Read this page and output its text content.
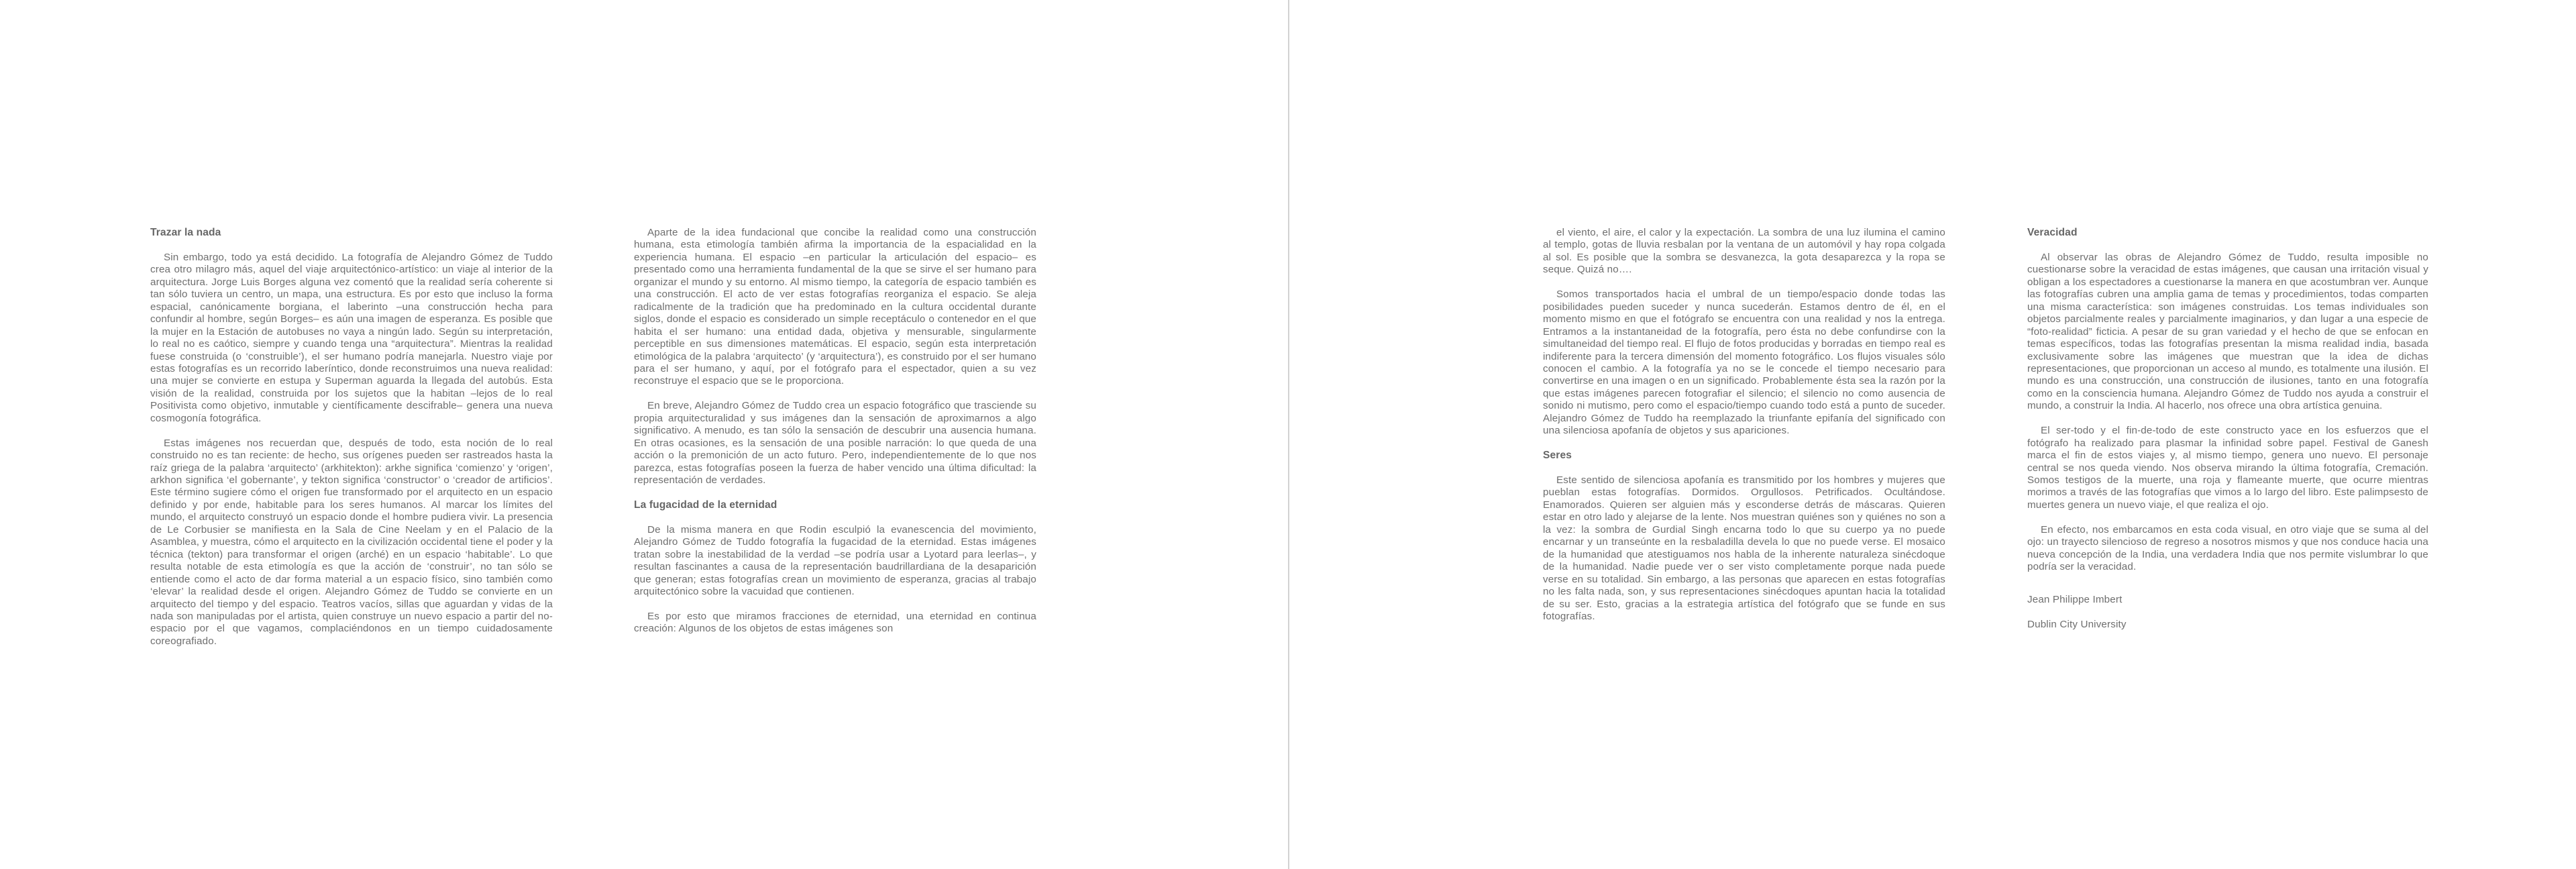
Trazar la nada

Sin embargo, todo ya está decidido. La fotografía de Alejandro Gómez de Tuddo crea otro milagro más, aquel del viaje arquitectónico-artístico: un viaje al interior de la arquitectura. Jorge Luis Borges alguna vez comentó que la realidad sería coherente si tan sólo tuviera un centro, un mapa, una estructura. Es por esto que incluso la forma espacial, canónicamente borgiana, el laberinto –una construcción hecha para confundir al hombre, según Borges– es aún una imagen de esperanza. Es posible que la mujer en la Estación de autobuses no vaya a ningún lado. Según su interpretación, lo real no es caótico, siempre y cuando tenga una “arquitectura”. Mientras la realidad fuese construida (o ‘construible’), el ser humano podría manejarla. Nuestro viaje por estas fotografías es un recorrido laberíntico, donde reconstruimos una nueva realidad: una mujer se convierte en estupa y Superman aguarda la llegada del autobús. Esta visión de la realidad, construida por los sujetos que la habitan –lejos de lo real Positivista como objetivo, inmutable y científicamente descifrable– genera una nueva cosmogonía fotográfica.

Estas imágenes nos recuerdan que, después de todo, esta noción de lo real construido no es tan reciente: de hecho, sus orígenes pueden ser rastreados hasta la raíz griega de la palabra ‘arquitecto’ (arkhitekton): arkhe significa ‘comienzo’ y ‘origen’, arkhon significa ‘el gobernante’, y tekton significa ‘constructor’ o ‘creador de artificios’. Este término sugiere cómo el origen fue transformado por el arquitecto en un espacio definido y por ende, habitable para los seres humanos. Al marcar los límites del mundo, el arquitecto construyó un espacio donde el hombre pudiera vivir. La presencia de Le Corbusier se manifiesta en la Sala de Cine Neelam y en el Palacio de la Asamblea, y muestra, cómo el arquitecto en la civilización occidental tiene el poder y la técnica (tekton) para transformar el origen (arché) en un espacio ‘habitable’. Lo que resulta notable de esta etimología es que la acción de ‘construir’, no tan sólo se entiende como el acto de dar forma material a un espacio físico, sino también como ‘elevar’ la realidad desde el origen. Alejandro Gómez de Tuddo se convierte en un arquitecto del tiempo y del espacio. Teatros vacíos, sillas que aguardan y vidas de la nada son manipuladas por el artista, quien construye un nuevo espacio a partir del no-espacio por el que vagamos, complaciéndonos en un tiempo cuidadosamente coreografiado.

Aparte de la idea fundacional que concibe la realidad como una construcción humana, esta etimología también afirma la importancia de la espacialidad en la experiencia humana. El espacio –en particular la articulación del espacio– es presentado como una herramienta fundamental de la que se sirve el ser humano para organizar el mundo y su entorno. Al mismo tiempo, la categoría de espacio también es una construcción. El acto de ver estas fotografías reorganiza el espacio. Se aleja radicalmente de la tradición que ha predominado en la cultura occidental durante siglos, donde el espacio es considerado un simple receptáculo o contenedor en el que habita el ser humano: una entidad dada, objetiva y mensurable, singularmente perceptible en sus dimensiones matemáticas. El espacio, según esta interpretación etimológica de la palabra ‘arquitecto’ (y ‘arquitectura’), es construido por el ser humano para el ser humano, y aquí, por el fotógrafo para el espectador, quien a su vez reconstruye el espacio que se le proporciona.

En breve, Alejandro Gómez de Tuddo crea un espacio fotográfico que trasciende su propia arquitecturalidad y sus imágenes dan la sensación de aproximarnos a algo significativo. A menudo, es tan sólo la sensación de descubrir una ausencia humana. En otras ocasiones, es la sensación de una posible narración: lo que queda de una acción o la premonición de un acto futuro. Pero, independientemente de lo que nos parezca, estas fotografías poseen la fuerza de haber vencido una última dificultad: la representación de verdades.

La fugacidad de la eternidad

De la misma manera en que Rodin esculpió la evanescencia del movimiento, Alejandro Gómez de Tuddo fotografía la fugacidad de la eternidad. Estas imágenes tratan sobre la inestabilidad de la verdad –se podría usar a Lyotard para leerlas–, y resultan fascinantes a causa de la representación baudrillardiana de la desaparición que generan; estas fotografías crean un movimiento de esperanza, gracias al trabajo arquitectónico sobre la vacuidad que contienen.

Es por esto que miramos fracciones de eternidad, una eternidad en continua creación: Algunos de los objetos de estas imágenes son

el viento, el aire, el calor y la expectación. La sombra de una luz ilumina el camino al templo, gotas de lluvia resbalan por la ventana de un automóvil y hay ropa colgada al sol. Es posible que la sombra se desvanezca, la gota desaparezca y la ropa se seque. Quizá no….

Somos transportados hacia el umbral de un tiempo/espacio donde todas las posibilidades pueden suceder y nunca sucederán. Estamos dentro de él, en el momento mismo en que el fotógrafo se encuentra con una realidad y nos la entrega. Entramos a la instantaneidad de la fotografía, pero ésta no debe confundirse con la simultaneidad del tiempo real. El flujo de fotos producidas y borradas en tiempo real es indiferente para la tercera dimensión del momento fotográfico. Los flujos visuales sólo conocen el cambio. A la fotografía ya no se le concede el tiempo necesario para convertirse en una imagen o en un significado. Probablemente ésta sea la razón por la que estas imágenes parecen fotografiar el silencio; el silencio no como ausencia de sonido ni mutismo, pero como el espacio/tiempo cuando todo está a punto de suceder. Alejandro Gómez de Tuddo ha reemplazado la triunfante epifanía del significado con una silenciosa apofanía de objetos y sus apariciones.

Seres

Este sentido de silenciosa apofanía es transmitido por los hombres y mujeres que pueblan estas fotografías. Dormidos. Orgullosos. Petrificados. Ocultándose. Enamorados. Quieren ser alguien más y esconderse detrás de máscaras. Quieren estar en otro lado y alejarse de la lente. Nos muestran quiénes son y quiénes no son a la vez: la sombra de Gurdial Singh encarna todo lo que su cuerpo ya no puede encarnar y un transeúnte en la resbaladilla devela lo que no puede verse. El mosaico de la humanidad que atestiguamos nos habla de la inherente naturaleza sinécdoque de la humanidad. Nadie puede ver o ser visto completamente porque nada puede verse en su totalidad. Sin embargo, a las personas que aparecen en estas fotografías no les falta nada, son, y sus representaciones sinécdoques apuntan hacia la totalidad de su ser. Esto, gracias a la estrategia artística del fotógrafo que se funde en sus fotografías.

Veracidad

Al observar las obras de Alejandro Gómez de Tuddo, resulta imposible no cuestionarse sobre la veracidad de estas imágenes, que causan una irritación visual y obligan a los espectadores a cuestionarse la manera en que acostumbran ver. Aunque las fotografías cubren una amplia gama de temas y procedimientos, todas comparten una misma característica: son imágenes construidas. Los temas individuales son objetos parcialmente reales y parcialmente imaginarios, y dan lugar a una especie de “foto-realidad” ficticia. A pesar de su gran variedad y el hecho de que se enfocan en temas específicos, todas las fotografías presentan la misma realidad india, basada exclusivamente sobre las imágenes que muestran que la idea de dichas representaciones, que proporcionan un acceso al mundo, es totalmente una ilusión. El mundo es una construcción, una construcción de ilusiones, tanto en una fotografía como en la consciencia humana. Alejandro Gómez de Tuddo nos ayuda a construir el mundo, a construir la India. Al hacerlo, nos ofrece una obra artística genuina.

El ser-todo y el fin-de-todo de este constructo yace en los esfuerzos que el fotógrafo ha realizado para plasmar la infinidad sobre papel. Festival de Ganesh marca el fin de estos viajes y, al mismo tiempo, genera uno nuevo. El personaje central se nos queda viendo. Nos observa mirando la última fotografía, Cremación. Somos testigos de la muerte, una roja y flameante muerte, que ocurre mientras morimos a través de las fotografías que vimos a lo largo del libro. Este palimpsesto de muertes genera un nuevo viaje, el que realiza el ojo.

En efecto, nos embarcamos en esta coda visual, en otro viaje que se suma al del ojo: un trayecto silencioso de regreso a nosotros mismos y que nos conduce hacia una nueva concepción de la India, una verdadera India que nos permite vislumbrar lo que podría ser la veracidad.

Jean Philippe Imbert
Dublin City University
